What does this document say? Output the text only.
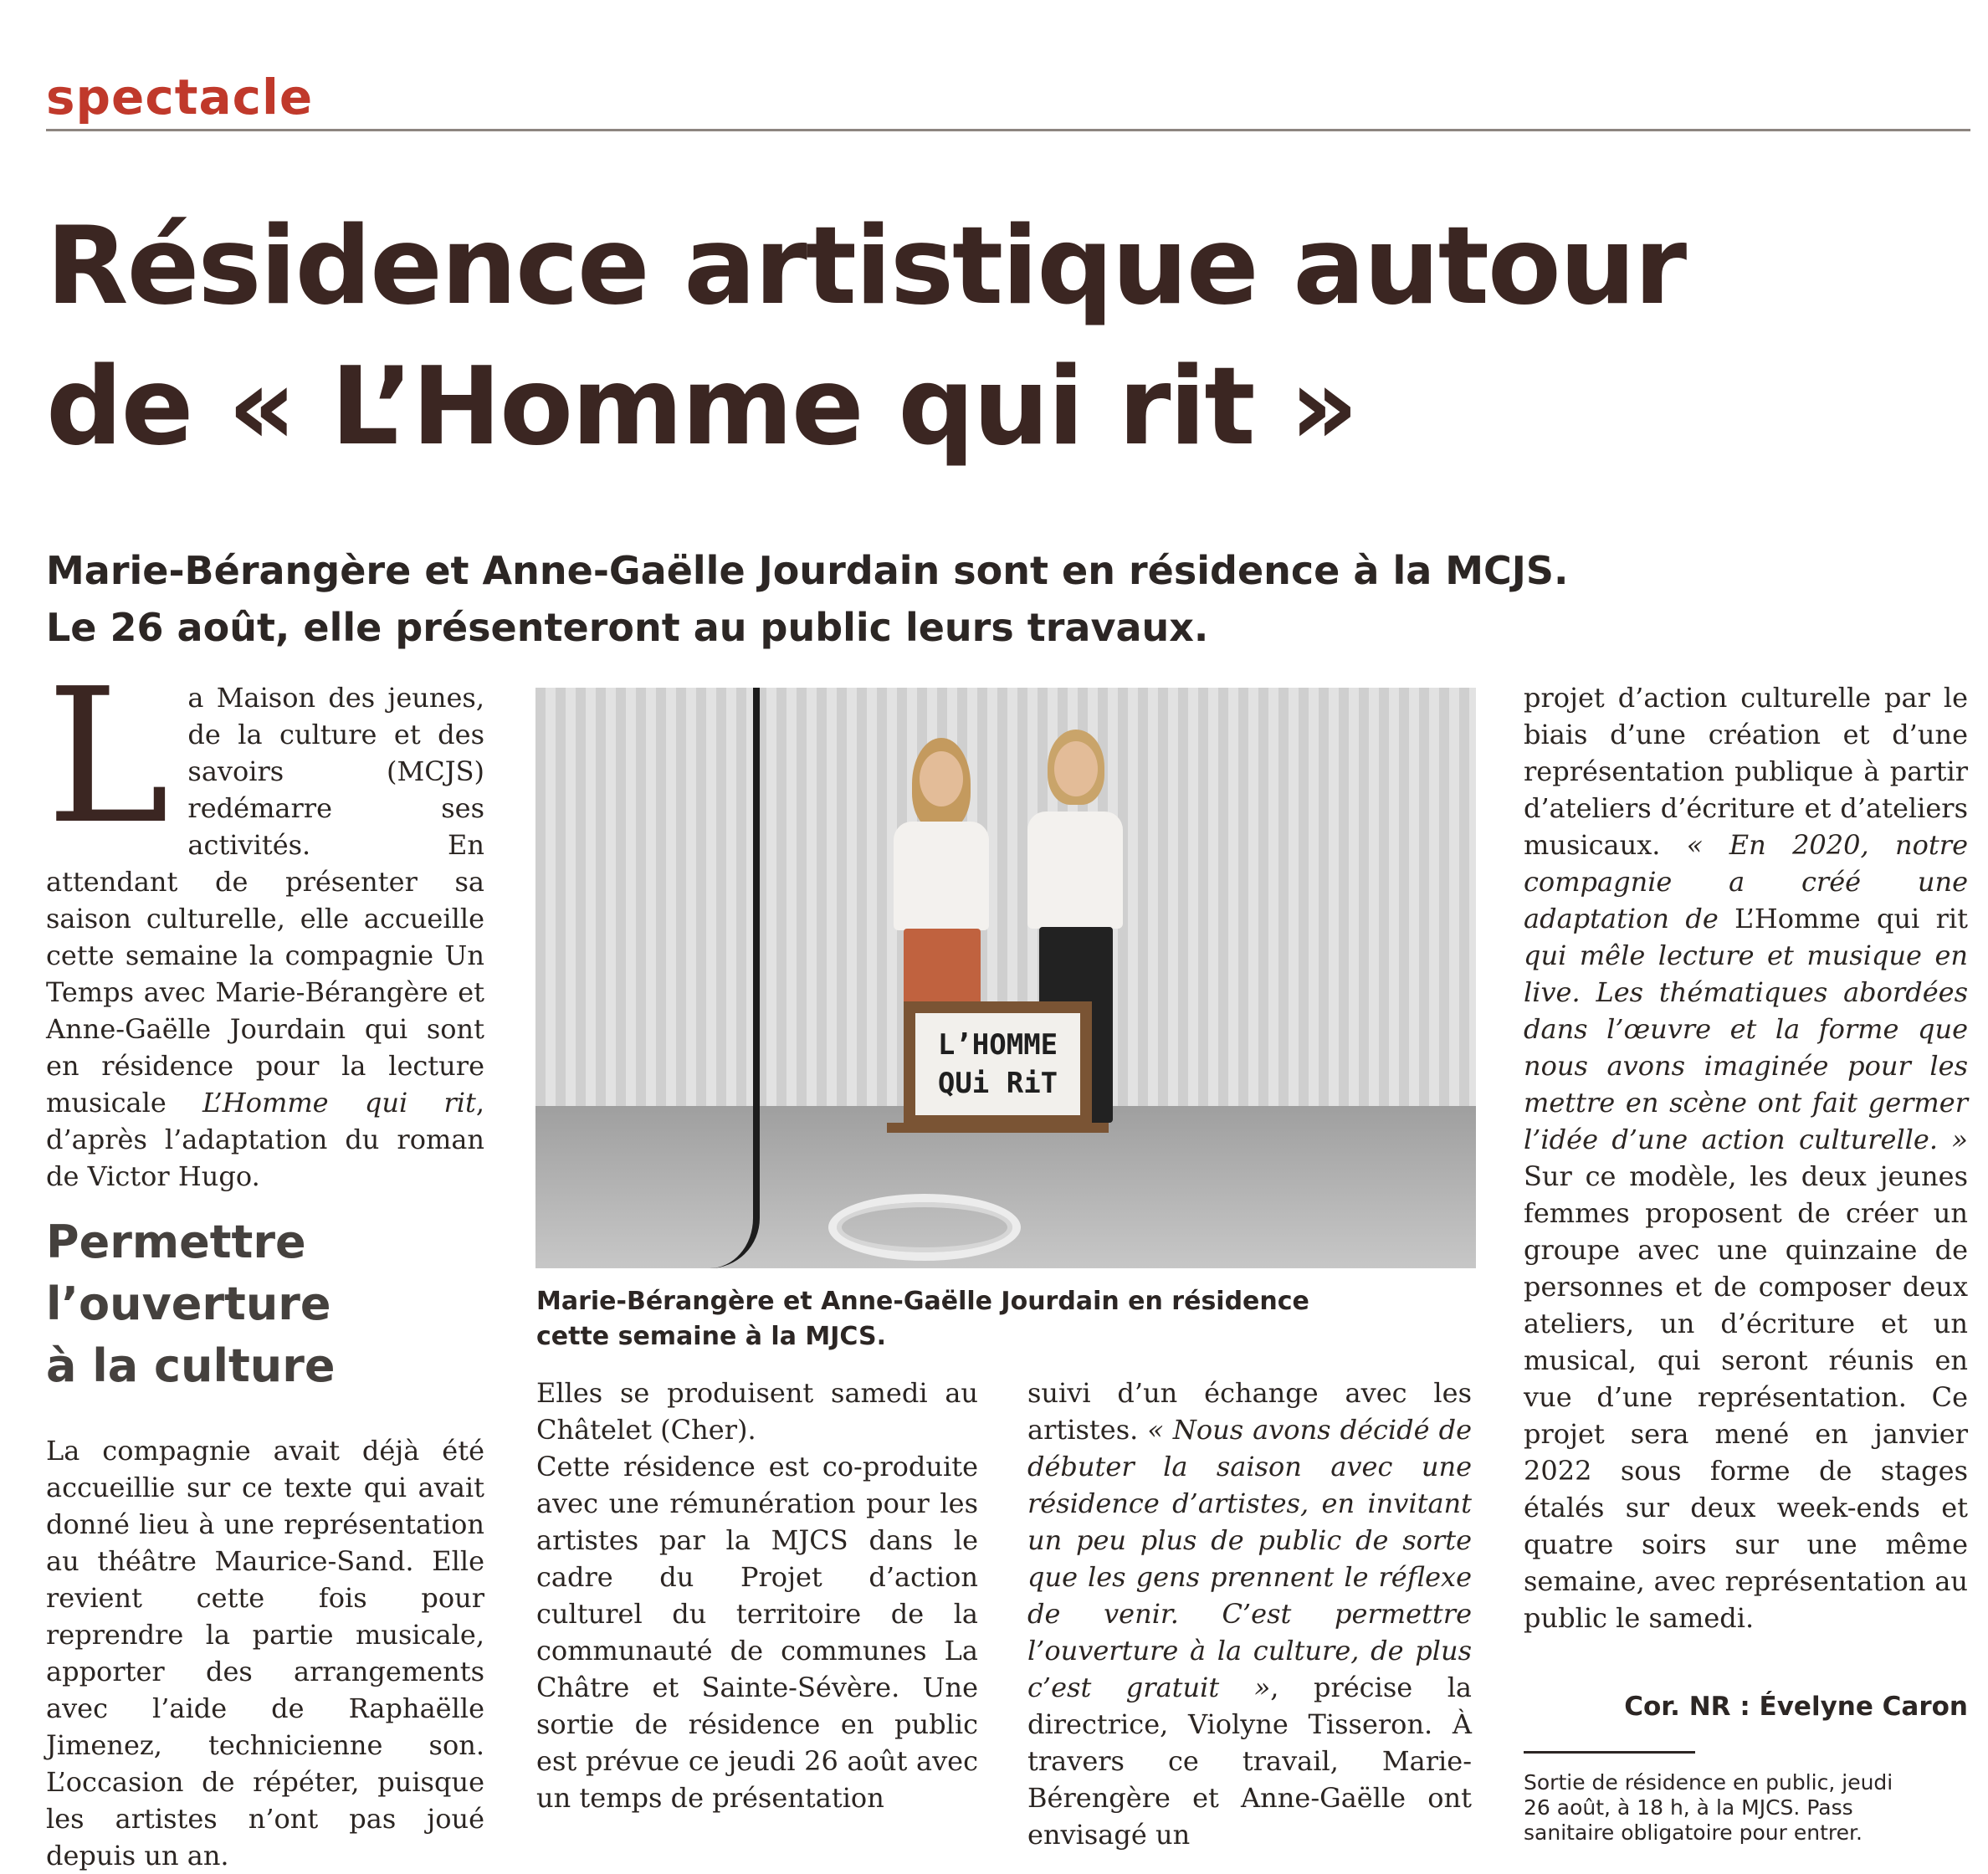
spectacle
Résidence artistique autour
de « L’Homme qui rit »

Marie-Bérangère et Anne-Gaëlle Jourdain sont en résidence à la MCJS.
Le 26 août, elle présenteront au public leurs travaux.

L a Maison des jeunes, de la culture et des savoirs (MCJS) redémarre ses activités. En attendant de présenter sa saison culturelle, elle accueille cette semaine la compagnie Un Temps avec Marie-Bérangère et Anne-Gaëlle Jourdain qui sont en résidence pour la lecture musicale L’Homme qui rit, d’après l’adaptation du roman de Victor Hugo.

Permettre
l’ouverture
à la culture

La compagnie avait déjà été accueillie sur ce texte qui avait donné lieu à une représentation au théâtre Maurice-Sand. Elle revient cette fois pour reprendre la partie musicale, apporter des arrangements avec l’aide de Raphaëlle Jimenez, technicienne son. L’occasion de répéter, puisque les artistes n’ont pas joué depuis un an.

L’HOMME
QUi RiT

Marie-Bérangère et Anne-Gaëlle Jourdain en résidence
cette semaine à la MJCS.

Elles se produisent samedi au Châtelet (Cher).

Cette résidence est co-produite avec une rémunération pour les artistes par la MJCS dans le cadre du Projet d’action culturel du territoire de la communauté de communes La Châtre et Sainte-Sévère. Une sortie de résidence en public est prévue ce jeudi 26 août avec un temps de présentation

suivi d’un échange avec les artistes. « Nous avons décidé de débuter la saison avec une résidence d’artistes, en invitant un peu plus de public de sorte que les gens prennent le réflexe de venir. C’est permettre l’ouverture à la culture, de plus c’est gratuit », précise la directrice, Violyne Tisseron. À travers ce travail, Marie-Bérengère et Anne-Gaëlle ont envisagé un

projet d’action culturelle par le biais d’une création et d’une représentation publique à partir d’ateliers d’écriture et d’ateliers musicaux. « En 2020, notre compagnie a créé une adaptation de L’Homme qui rit qui mêle lecture et musique en live. Les thématiques abordées dans l’œuvre et la forme que nous avons imaginée pour les mettre en scène ont fait germer l’idée d’une action culturelle. » Sur ce modèle, les deux jeunes femmes proposent de créer un groupe avec une quinzaine de personnes et de composer deux ateliers, un d’écriture et un musical, qui seront réunis en vue d’une représentation. Ce projet sera mené en janvier 2022 sous forme de stages étalés sur deux week-ends et quatre soirs sur une même semaine, avec représentation au public le samedi.

Cor. NR : Évelyne Caron

Sortie de résidence en public, jeudi
26 août, à 18 h, à la MJCS. Pass
sanitaire obligatoire pour entrer.
